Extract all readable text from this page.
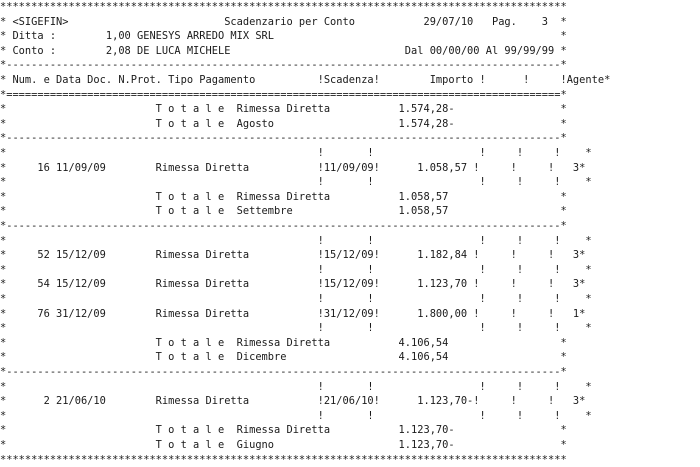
*******************************************************************************************
* <SIGEFIN>                         Scadenzario per Conto           29/07/10   Pag.    3  *
* Ditta :        1,00 GENESYS ARREDO MIX SRL                                              *
* Conto :        2,08 DE LUCA MICHELE                            Dal 00/00/00 Al 99/99/99 *
*-----------------------------------------------------------------------------------------*
* Num. e Data Doc. N.Prot. Tipo Pagamento          !Scadenza!        Importo !      !     !Agente*
*=========================================================================================*
*                        T o t a l e  Rimessa Diretta           1.574,28-                 *
*                        T o t a l e  Agosto                    1.574,28-                 *
*-----------------------------------------------------------------------------------------*
*                                                  !       !                 !     !     !    *
*     16 11/09/09        Rimessa Diretta           !11/09/09!      1.058,57 !     !     !   3*
*                                                  !       !                 !     !     !    *
*                        T o t a l e  Rimessa Diretta           1.058,57                  *
*                        T o t a l e  Settembre                 1.058,57                  *
*-----------------------------------------------------------------------------------------*
*                                                  !       !                 !     !     !    *
*     52 15/12/09        Rimessa Diretta           !15/12/09!      1.182,84 !     !     !   3*
*                                                  !       !                 !     !     !    *
*     54 15/12/09        Rimessa Diretta           !15/12/09!      1.123,70 !     !     !   3*
*                                                  !       !                 !     !     !    *
*     76 31/12/09        Rimessa Diretta           !31/12/09!      1.800,00 !     !     !   1*
*                                                  !       !                 !     !     !    *
*                        T o t a l e  Rimessa Diretta           4.106,54                  *
*                        T o t a l e  Dicembre                  4.106,54                  *
*-----------------------------------------------------------------------------------------*
*                                                  !       !                 !     !     !    *
*      2 21/06/10        Rimessa Diretta           !21/06/10!      1.123,70-!     !     !   3*
*                                                  !       !                 !     !     !    *
*                        T o t a l e  Rimessa Diretta           1.123,70-                 *
*                        T o t a l e  Giugno                    1.123,70-                 *
*******************************************************************************************
